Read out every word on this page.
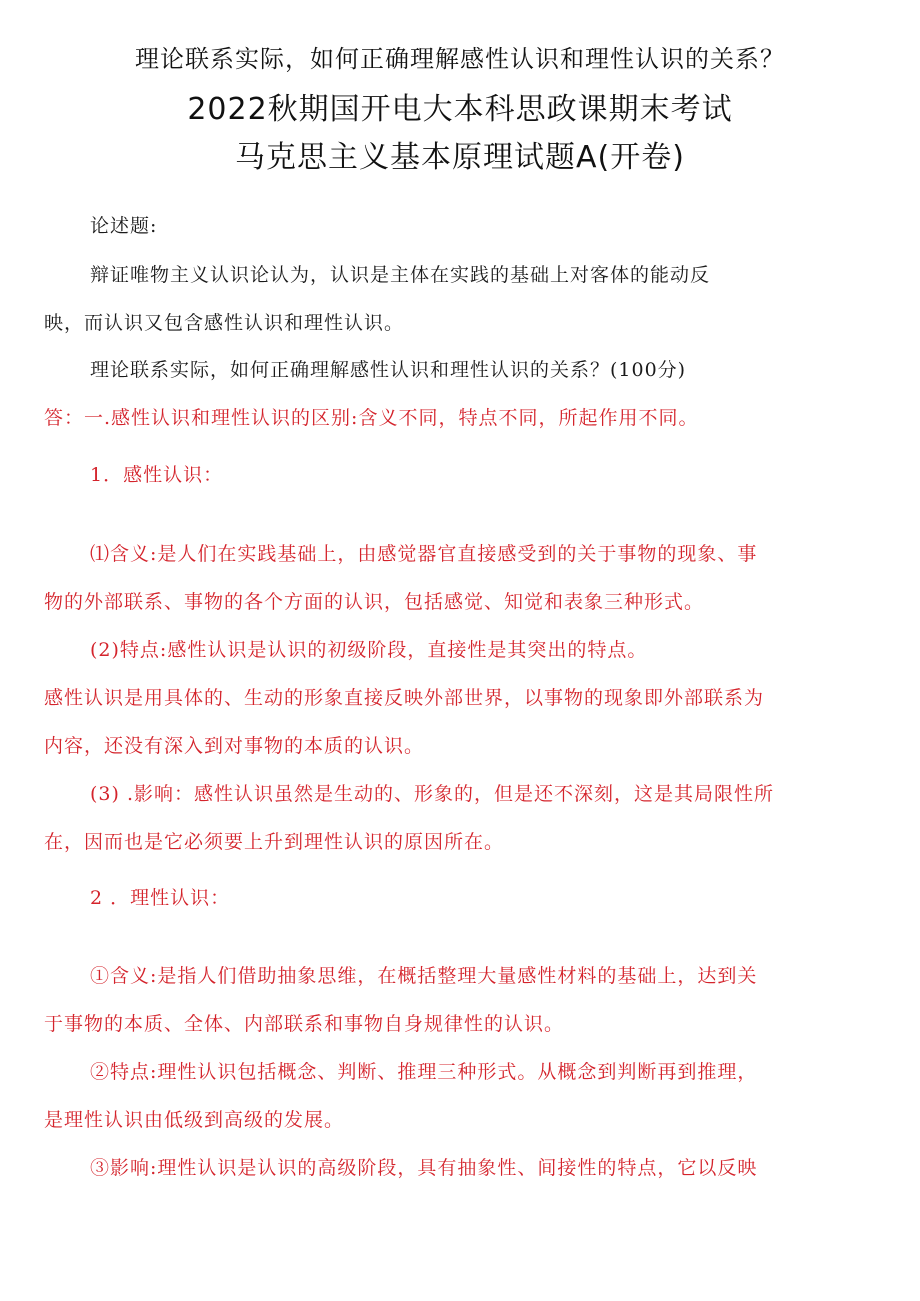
理论联系实际，如何正确理解感性认识和理性认识的关系？
2022秋期国开电大本科思政课期末考试
马克思主义基本原理试题A(开卷)
论述题:
辩证唯物主义认识论认为，认识是主体在实践的基础上对客体的能动反
映，而认识又包含感性认识和理性认识。
理论联系实际，如何正确理解感性认识和理性认识的关系？(100分)
答：一.感性认识和理性认识的区别:含义不同，特点不同，所起作用不同。
1．感性认识：
⑴含义:是人们在实践基础上，由感觉器官直接感受到的关于事物的现象、事
物的外部联系、事物的各个方面的认识，包括感觉、知觉和表象三种形式。
(2)特点:感性认识是认识的初级阶段，直接性是其突出的特点。
感性认识是用具体的、生动的形象直接反映外部世界，以事物的现象即外部联系为
内容，还没有深入到对事物的本质的认识。
(3) .影响：感性认识虽然是生动的、形象的，但是还不深刻，这是其局限性所
在，因而也是它必须要上升到理性认识的原因所在。
2 ．理性认识：
①含义:是指人们借助抽象思维，在概括整理大量感性材料的基础上，达到关
于事物的本质、全体、内部联系和事物自身规律性的认识。
②特点:理性认识包括概念、判断、推理三种形式。从概念到判断再到推理，
是理性认识由低级到高级的发展。
③影响:理性认识是认识的高级阶段，具有抽象性、间接性的特点，它以反映
